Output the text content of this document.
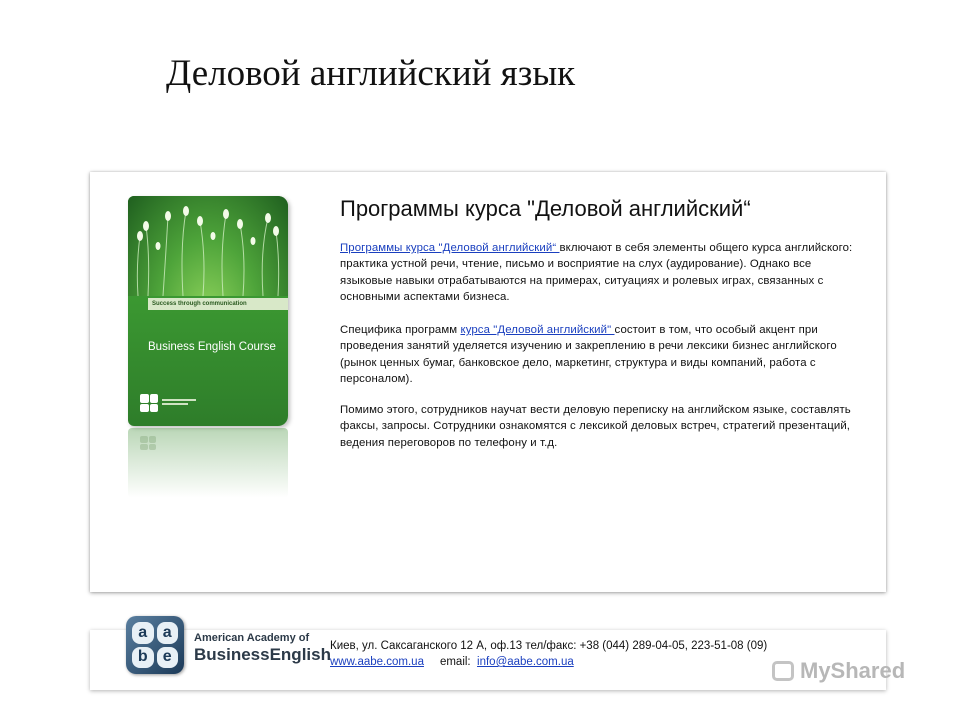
Деловой английский язык
Success through communication
Business English Course
Программы курса "Деловой английский“

Программы курса "Деловой английский“ включают в себя элементы общего курса английского: практика устной речи, чтение, письмо и восприятие на слух (аудирование). Однако все языковые навыки отрабатываются на примерах, ситуациях и ролевых играх, связанных с основными аспектами бизнеса.

Специфика программ курса "Деловой английский" состоит в том, что особый акцент при проведения занятий уделяется изучению и закреплению в речи лексики бизнес английского (рынок ценных бумаг, банковское дело, маркетинг, структура и виды компаний, работа с персоналом).

Помимо этого, сотрудников научат вести деловую переписку на английском языке, составлять факсы, запросы. Сотрудники ознакомятся с лексикой деловых встреч, стратегий презентаций, ведения переговоров по телефону и т.д.

a a
b e
American Academy of
BusinessEnglish Киев, ул. Саксаганского 12 А, оф.13 тел/факс: +38 (044) 289-04-05, 223-51-08 (09)
www.aabe.com.ua email: info@aabe.com.ua	MyShared
